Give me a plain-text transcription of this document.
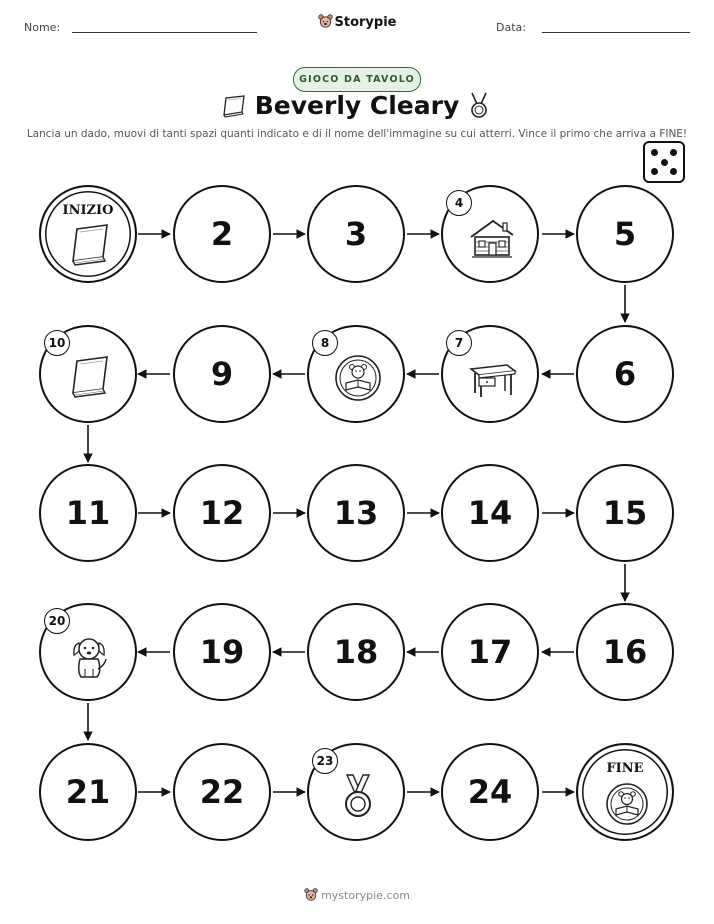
Nome:	Storypie	Data:
GIOCO DA TAVOLO
Beverly Cleary
Lancia un dado, muovi di tanti spazi quanti indicato e di il nome dell'immagine su cui atterri. Vince il primo che arriva a FINE!
INIZIO
2	3
4
5
10
9
8	7
6
11	12	13	14	15
20
19	18	17	16
21	22
23
24
FINE
mystorypie.com
